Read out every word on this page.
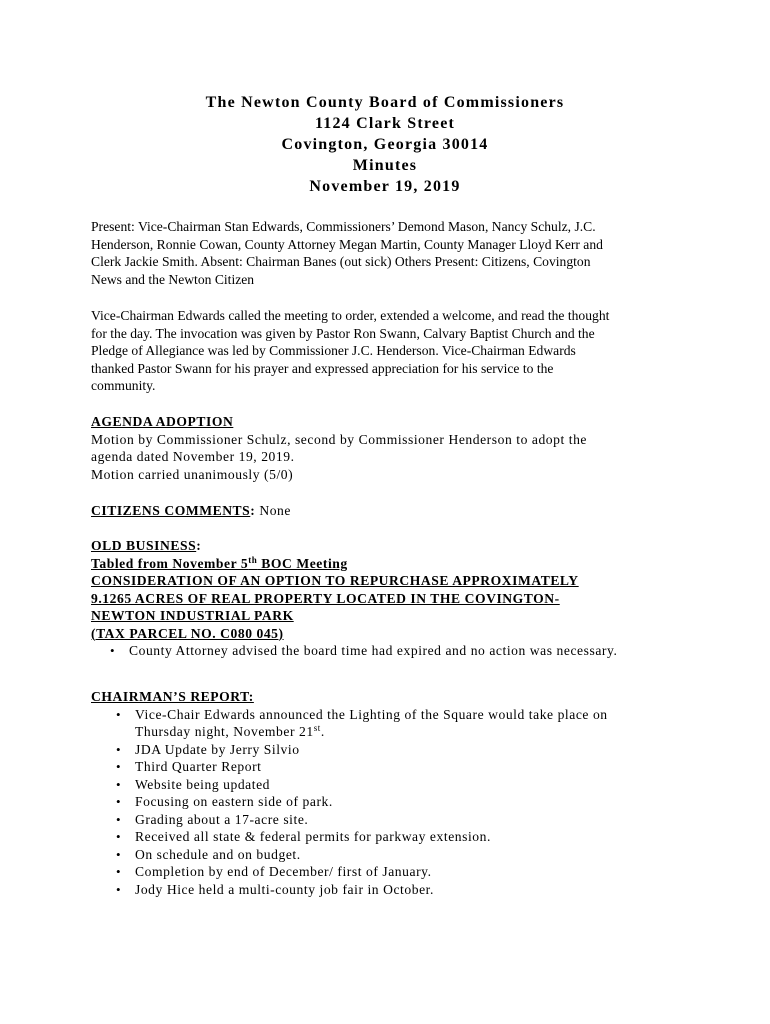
The Newton County Board of Commissioners
1124 Clark Street
Covington, Georgia 30014
Minutes
November 19, 2019
Present: Vice-Chairman Stan Edwards, Commissioners’ Demond Mason, Nancy Schulz, J.C.
Henderson, Ronnie Cowan, County Attorney Megan Martin, County Manager Lloyd Kerr and
Clerk Jackie Smith. Absent: Chairman Banes (out sick) Others Present: Citizens, Covington
News and the Newton Citizen
Vice-Chairman Edwards called the meeting to order, extended a welcome, and read the thought
for the day. The invocation was given by Pastor Ron Swann, Calvary Baptist Church and the
Pledge of Allegiance was led by Commissioner J.C. Henderson. Vice-Chairman Edwards
thanked Pastor Swann for his prayer and expressed appreciation for his service to the
community.
AGENDA ADOPTION
Motion by Commissioner Schulz, second by Commissioner Henderson to adopt the
agenda dated November 19, 2019.
Motion carried unanimously (5/0)
CITIZENS COMMENTS: None
OLD BUSINESS:
Tabled from November 5th BOC Meeting
CONSIDERATION OF AN OPTION TO REPURCHASE APPROXIMATELY
9.1265 ACRES OF REAL PROPERTY LOCATED IN THE COVINGTON-
NEWTON INDUSTRIAL PARK
(TAX PARCEL NO. C080 045)
• County Attorney advised the board time had expired and no action was necessary.
CHAIRMAN’S REPORT:
• Vice-Chair Edwards announced the Lighting of the Square would take place on
Thursday night, November 21st.
• JDA Update by Jerry Silvio
• Third Quarter Report
• Website being updated
• Focusing on eastern side of park.
• Grading about a 17-acre site.
• Received all state & federal permits for parkway extension.
• On schedule and on budget.
• Completion by end of December/ first of January.
• Jody Hice held a multi-county job fair in October.
